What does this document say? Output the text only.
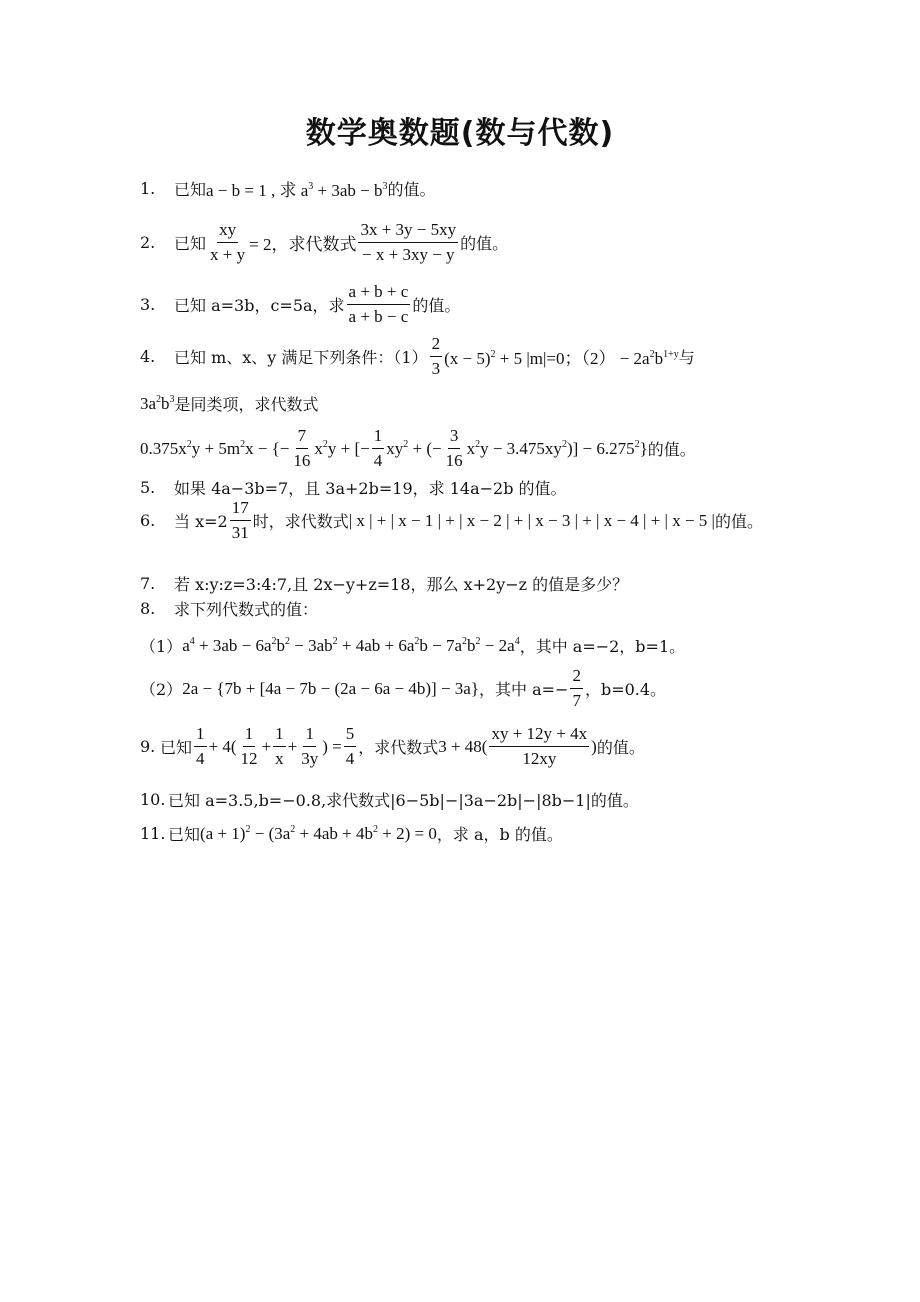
数学奥数题(数与代数)
1.	已知 a − b = 1 , 求 $a^3 + 3ab - b^3$ 的值。
2.	已知 $\frac{xy}{x + y} = 2$，求代数式 $\frac{3x + 3y - 5xy}{- x + 3xy - y}$ 的值。
3.	已知 a=3b，c=5a，求 $\frac{a + b + c}{a + b - c}$ 的值。
4.	已知 m、x、y 满足下列条件：$(1) \frac{2}{3} (x - 5)^2 + 5$ |m|=0；$(2) - 2a^2b^{1+y}$ 与
$3a^2b^3$ 是同类项，求代数式
$0.375x^2y + 5m^2x$ − {− $\frac{7}{16} x^2y$ + [− $\frac{1}{4} xy^2$ + (− $\frac{3}{16} x^2y - 3.475xy^2)] - 6.275^2$} 的值。
5.	如果 4a−3b=7，且 3a+2b=19，求 14a−2b 的值。
6.	当 $x=2 \frac{17}{31}$ 时，求代数式 | x | + | x − 1 | + | x − 2 | + | x − 3 | + | x − 4 | + | x − 5 | 的值。
7.	若 x:y:z=3:4:7,且 2x−y+z=18，那么 x+2y−z 的值是多少？
8.	求下列代数式的值：
（1） $a^4 + 3ab - 6a^2b^2 - 3ab^2 + 4ab + 6a^2b - 7a^2b^2 - 2a^4$ ，其中 a=−2，b=1。
（2） 2a − {7b + [4a − 7b − (2a − 6a − 4b)] − 3a} ，其中 $a=- \frac{2}{7}$ ，b=0.4。
9. 已知 $\frac{1}{4} + 4( \frac{1}{12} + \frac{1}{x} + \frac{1}{3y}$ ) = $\frac{5}{4}$ ，求代数式 $3 + 48( \frac{xy + 12y + 4x}{12xy}$ ) 的值。
10. 已知 a=3.5,b=−0.8,求代数式|6−5b|−|3a−2b|−|8b−1|的值。
11. 已知 $(a + 1)^2 - (3a^2 + 4ab + 4b^2 + 2) = 0$ ，求 a，b 的值。
